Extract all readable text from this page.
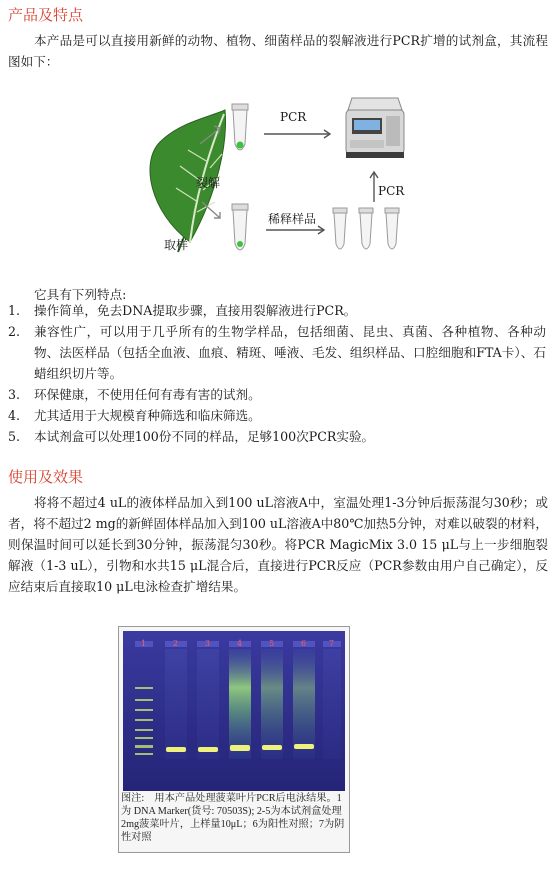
产品及特点
本产品是可以直接用新鲜的动物、植物、细菌样品的裂解液进行PCR扩增的试剂盒，其流程图如下：
PCR
裂解
PCR
稀释样品
取样
它具有下列特点:
1.	操作简单，免去DNA提取步骤，直接用裂解液进行PCR。
2.	兼容性广，可以用于几乎所有的生物学样品，包括细菌、昆虫、真菌、各种植物、各种动物、法医样品（包括全血液、血痕、精斑、唾液、毛发、组织样品、口腔细胞和FTA卡）、石蜡组织切片等。
3.	环保健康，不使用任何有毒有害的试剂。
4.	尤其适用于大规模育种筛选和临床筛选。
5.	本试剂盒可以处理100份不同的样品，足够100次PCR实验。
使用及效果
将将不超过4 uL的液体样品加入到100 uL溶液A中，室温处理1-3分钟后振荡混匀30秒；或者，将不超过2 mg的新鲜固体样品加入到100 uL溶液A中80℃加热5分钟，对难以破裂的材料，则保温时间可以延长到30分钟，振荡混匀30秒。将PCR MagicMix 3.0 15 μL与上一步细胞裂解液（1-3 uL），引物和水共15 μL混合后，直接进行PCR反应（PCR参数由用户自己确定），反应结束后直接取10 μL电泳检查扩增结果。
1	2	3	4	5	6	7
图注:　用本产品处理菠菜叶片PCR后电泳结果。1为 DNA Marker(货号: 70503S); 2-5为本试剂盒处理2mg菠菜叶片，上样量10μL；6为阳性对照；7为阴性对照
